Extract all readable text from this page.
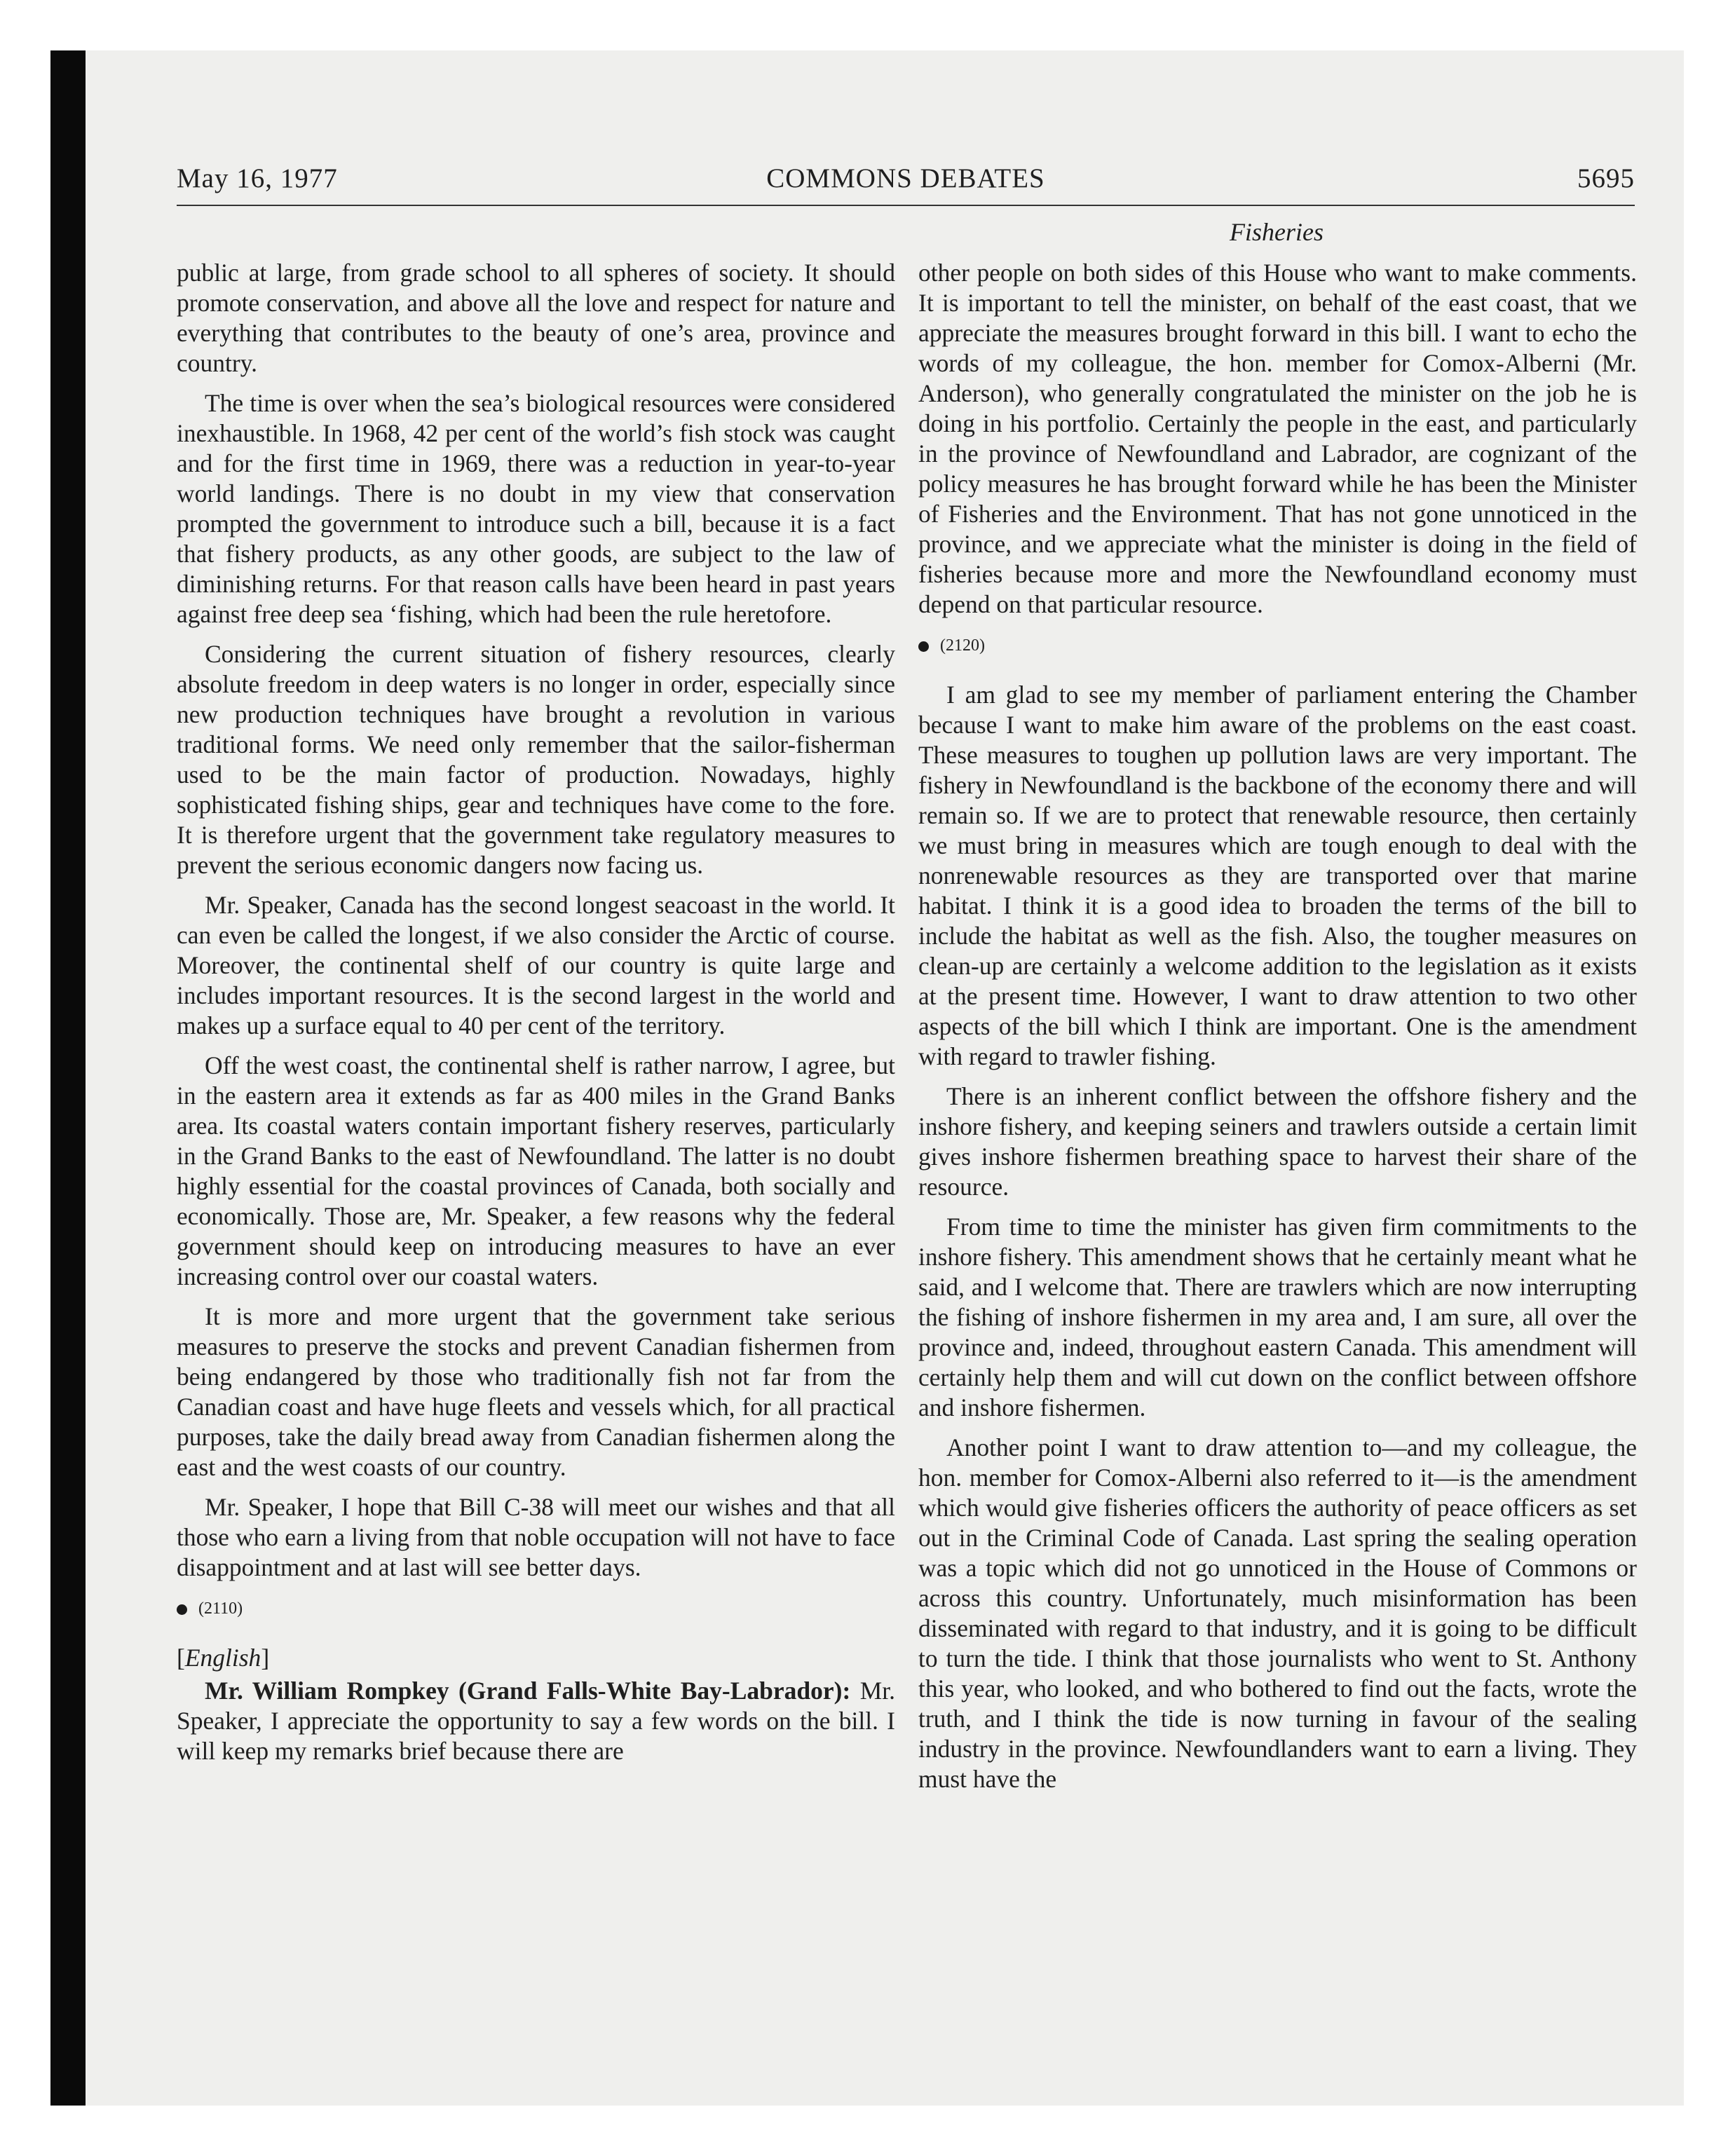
May 16, 1977	COMMONS DEBATES	5695
Fisheries

public at large, from grade school to all spheres of society. It should promote conservation, and above all the love and respect for nature and everything that contributes to the beauty of one’s area, province and country.

The time is over when the sea’s biological resources were considered inexhaustible. In 1968, 42 per cent of the world’s fish stock was caught and for the first time in 1969, there was a reduction in year-to-year world landings. There is no doubt in my view that conservation prompted the government to introduce such a bill, because it is a fact that fishery products, as any other goods, are subject to the law of diminishing returns. For that reason calls have been heard in past years against free deep sea ‘fishing, which had been the rule heretofore.

Considering the current situation of fishery resources, clearly absolute freedom in deep waters is no longer in order, especially since new production techniques have brought a revolution in various traditional forms. We need only remember that the sailor-fisherman used to be the main factor of production. Nowadays, highly sophisticated fishing ships, gear and techniques have come to the fore. It is therefore urgent that the government take regulatory measures to prevent the serious economic dangers now facing us.

Mr. Speaker, Canada has the second longest seacoast in the world. It can even be called the longest, if we also consider the Arctic of course. Moreover, the continental shelf of our country is quite large and includes important resources. It is the second largest in the world and makes up a surface equal to 40 per cent of the territory.

Off the west coast, the continental shelf is rather narrow, I agree, but in the eastern area it extends as far as 400 miles in the Grand Banks area. Its coastal waters contain important fishery reserves, particularly in the Grand Banks to the east of Newfoundland. The latter is no doubt highly essential for the coastal provinces of Canada, both socially and economically. Those are, Mr. Speaker, a few reasons why the federal government should keep on introducing measures to have an ever increasing control over our coastal waters.

It is more and more urgent that the government take serious measures to preserve the stocks and prevent Canadian fishermen from being endangered by those who traditionally fish not far from the Canadian coast and have huge fleets and vessels which, for all practical purposes, take the daily bread away from Canadian fishermen along the east and the west coasts of our country.

Mr. Speaker, I hope that Bill C-38 will meet our wishes and that all those who earn a living from that noble occupation will not have to face disappointment and at last will see better days.

(2110)
[English]

Mr. William Rompkey (Grand Falls-White Bay-Labrador): Mr. Speaker, I appreciate the opportunity to say a few words on the bill. I will keep my remarks brief because there are

other people on both sides of this House who want to make comments. It is important to tell the minister, on behalf of the east coast, that we appreciate the measures brought forward in this bill. I want to echo the words of my colleague, the hon. member for Comox-Alberni (Mr. Anderson), who generally congratulated the minister on the job he is doing in his portfolio. Certainly the people in the east, and particularly in the province of Newfoundland and Labrador, are cognizant of the policy measures he has brought forward while he has been the Minister of Fisheries and the Environment. That has not gone unnoticed in the province, and we appreciate what the minister is doing in the field of fisheries because more and more the Newfoundland economy must depend on that particular resource.

(2120)

I am glad to see my member of parliament entering the Chamber because I want to make him aware of the problems on the east coast. These measures to toughen up pollution laws are very important. The fishery in Newfoundland is the backbone of the economy there and will remain so. If we are to protect that renewable resource, then certainly we must bring in measures which are tough enough to deal with the nonrenewable resources as they are transported over that marine habitat. I think it is a good idea to broaden the terms of the bill to include the habitat as well as the fish. Also, the tougher measures on clean-up are certainly a welcome addition to the legislation as it exists at the present time. However, I want to draw attention to two other aspects of the bill which I think are important. One is the amendment with regard to trawler fishing.

There is an inherent conflict between the offshore fishery and the inshore fishery, and keeping seiners and trawlers outside a certain limit gives inshore fishermen breathing space to harvest their share of the resource.

From time to time the minister has given firm commitments to the inshore fishery. This amendment shows that he certainly meant what he said, and I welcome that. There are trawlers which are now interrupting the fishing of inshore fishermen in my area and, I am sure, all over the province and, indeed, throughout eastern Canada. This amendment will certainly help them and will cut down on the conflict between offshore and inshore fishermen.

Another point I want to draw attention to—and my colleague, the hon. member for Comox-Alberni also referred to it—is the amendment which would give fisheries officers the authority of peace officers as set out in the Criminal Code of Canada. Last spring the sealing operation was a topic which did not go unnoticed in the House of Commons or across this country. Unfortunately, much misinformation has been disseminated with regard to that industry, and it is going to be difficult to turn the tide. I think that those journalists who went to St. Anthony this year, who looked, and who bothered to find out the facts, wrote the truth, and I think the tide is now turning in favour of the sealing industry in the province. Newfoundlanders want to earn a living. They must have the
